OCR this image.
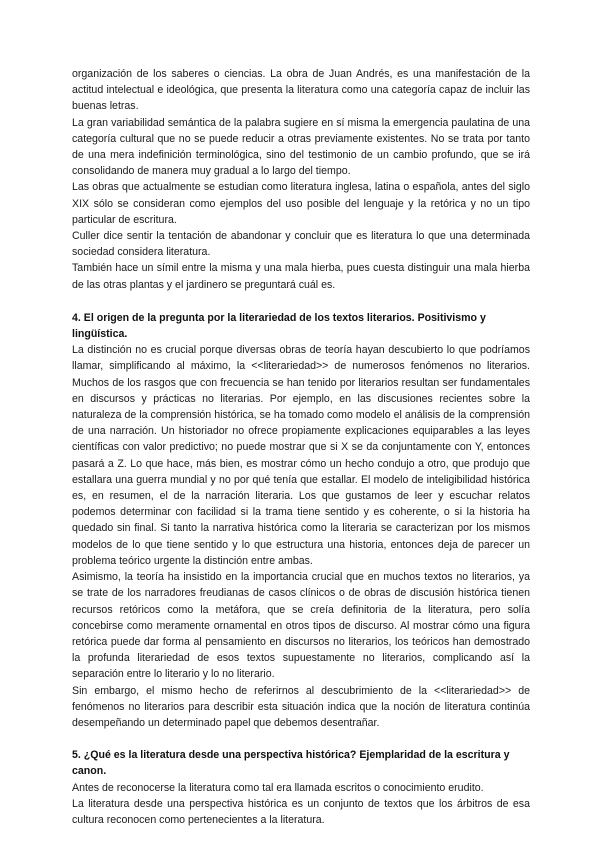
organización de los saberes o ciencias. La obra de Juan Andrés, es una manifestación de la actitud intelectual e ideológica, que presenta la literatura como una categoría capaz de incluir las buenas letras.

La gran variabilidad semántica de la palabra sugiere en sí misma la emergencia paulatina de una categoría cultural que no se puede reducir a otras previamente existentes. No se trata por tanto de una mera indefinición terminológica, sino del testimonio de un cambio profundo, que se irá consolidando de manera muy gradual a lo largo del tiempo.

Las obras que actualmente se estudian como literatura inglesa, latina o española, antes del siglo XIX sólo se consideran como ejemplos del uso posible del lenguaje y la retórica y no un tipo particular de escritura.

Culler dice sentir la tentación de abandonar y concluir que es literatura lo que una determinada sociedad considera literatura.

También hace un símil entre la misma y una mala hierba, pues cuesta distinguir una mala hierba de las otras plantas y el jardinero se preguntará cuál es.

4. El origen de la pregunta por la literariedad de los textos literarios. Positivismo y lingüística.

La distinción no es crucial porque diversas obras de teoría hayan descubierto lo que podríamos llamar, simplificando al máximo, la <<literariedad>> de numerosos fenómenos no literarios. Muchos de los rasgos que con frecuencia se han tenido por literarios resultan ser fundamentales en discursos y prácticas no literarias. Por ejemplo, en las discusiones recientes sobre la naturaleza de la comprensión histórica, se ha tomado como modelo el análisis de la comprensión de una narración. Un historiador no ofrece propiamente explicaciones equiparables a las leyes científicas con valor predictivo; no puede mostrar que si X se da conjuntamente con Y, entonces pasará a Z. Lo que hace, más bien, es mostrar cómo un hecho condujo a otro, que produjo que estallara una guerra mundial y no por qué tenía que estallar. El modelo de inteligibilidad histórica es, en resumen, el de la narración literaria. Los que gustamos de leer y escuchar relatos podemos determinar con facilidad si la trama tiene sentido y es coherente, o si la historia ha quedado sin final. Si tanto la narrativa histórica como la literaria se caracterizan por los mismos modelos de lo que tiene sentido y lo que estructura una historia, entonces deja de parecer un problema teórico urgente la distinción entre ambas.

Asimismo, la teoría ha insistido en la importancia crucial que en muchos textos no literarios, ya se trate de los narradores freudianas de casos clínicos o de obras de discusión histórica tienen recursos retóricos como la metáfora, que se creía definitoria de la literatura, pero solía concebirse como meramente ornamental en otros tipos de discurso. Al mostrar cómo una figura retórica puede dar forma al pensamiento en discursos no literarios, los teóricos han demostrado la profunda literariedad de esos textos supuestamente no literarios, complicando así la separación entre lo literario y lo no literario.

Sin embargo, el mismo hecho de referirnos al descubrimiento de la <<literariedad>> de fenómenos no literarios para describir esta situación indica que la noción de literatura continúa desempeñando un determinado papel que debemos desentrañar.

5. ¿Qué es la literatura desde una perspectiva histórica? Ejemplaridad de la escritura y canon.

Antes de reconocerse la literatura como tal era llamada escritos o conocimiento erudito.

La literatura desde una perspectiva histórica es un conjunto de textos que los árbitros de esa cultura reconocen como pertenecientes a la literatura.
